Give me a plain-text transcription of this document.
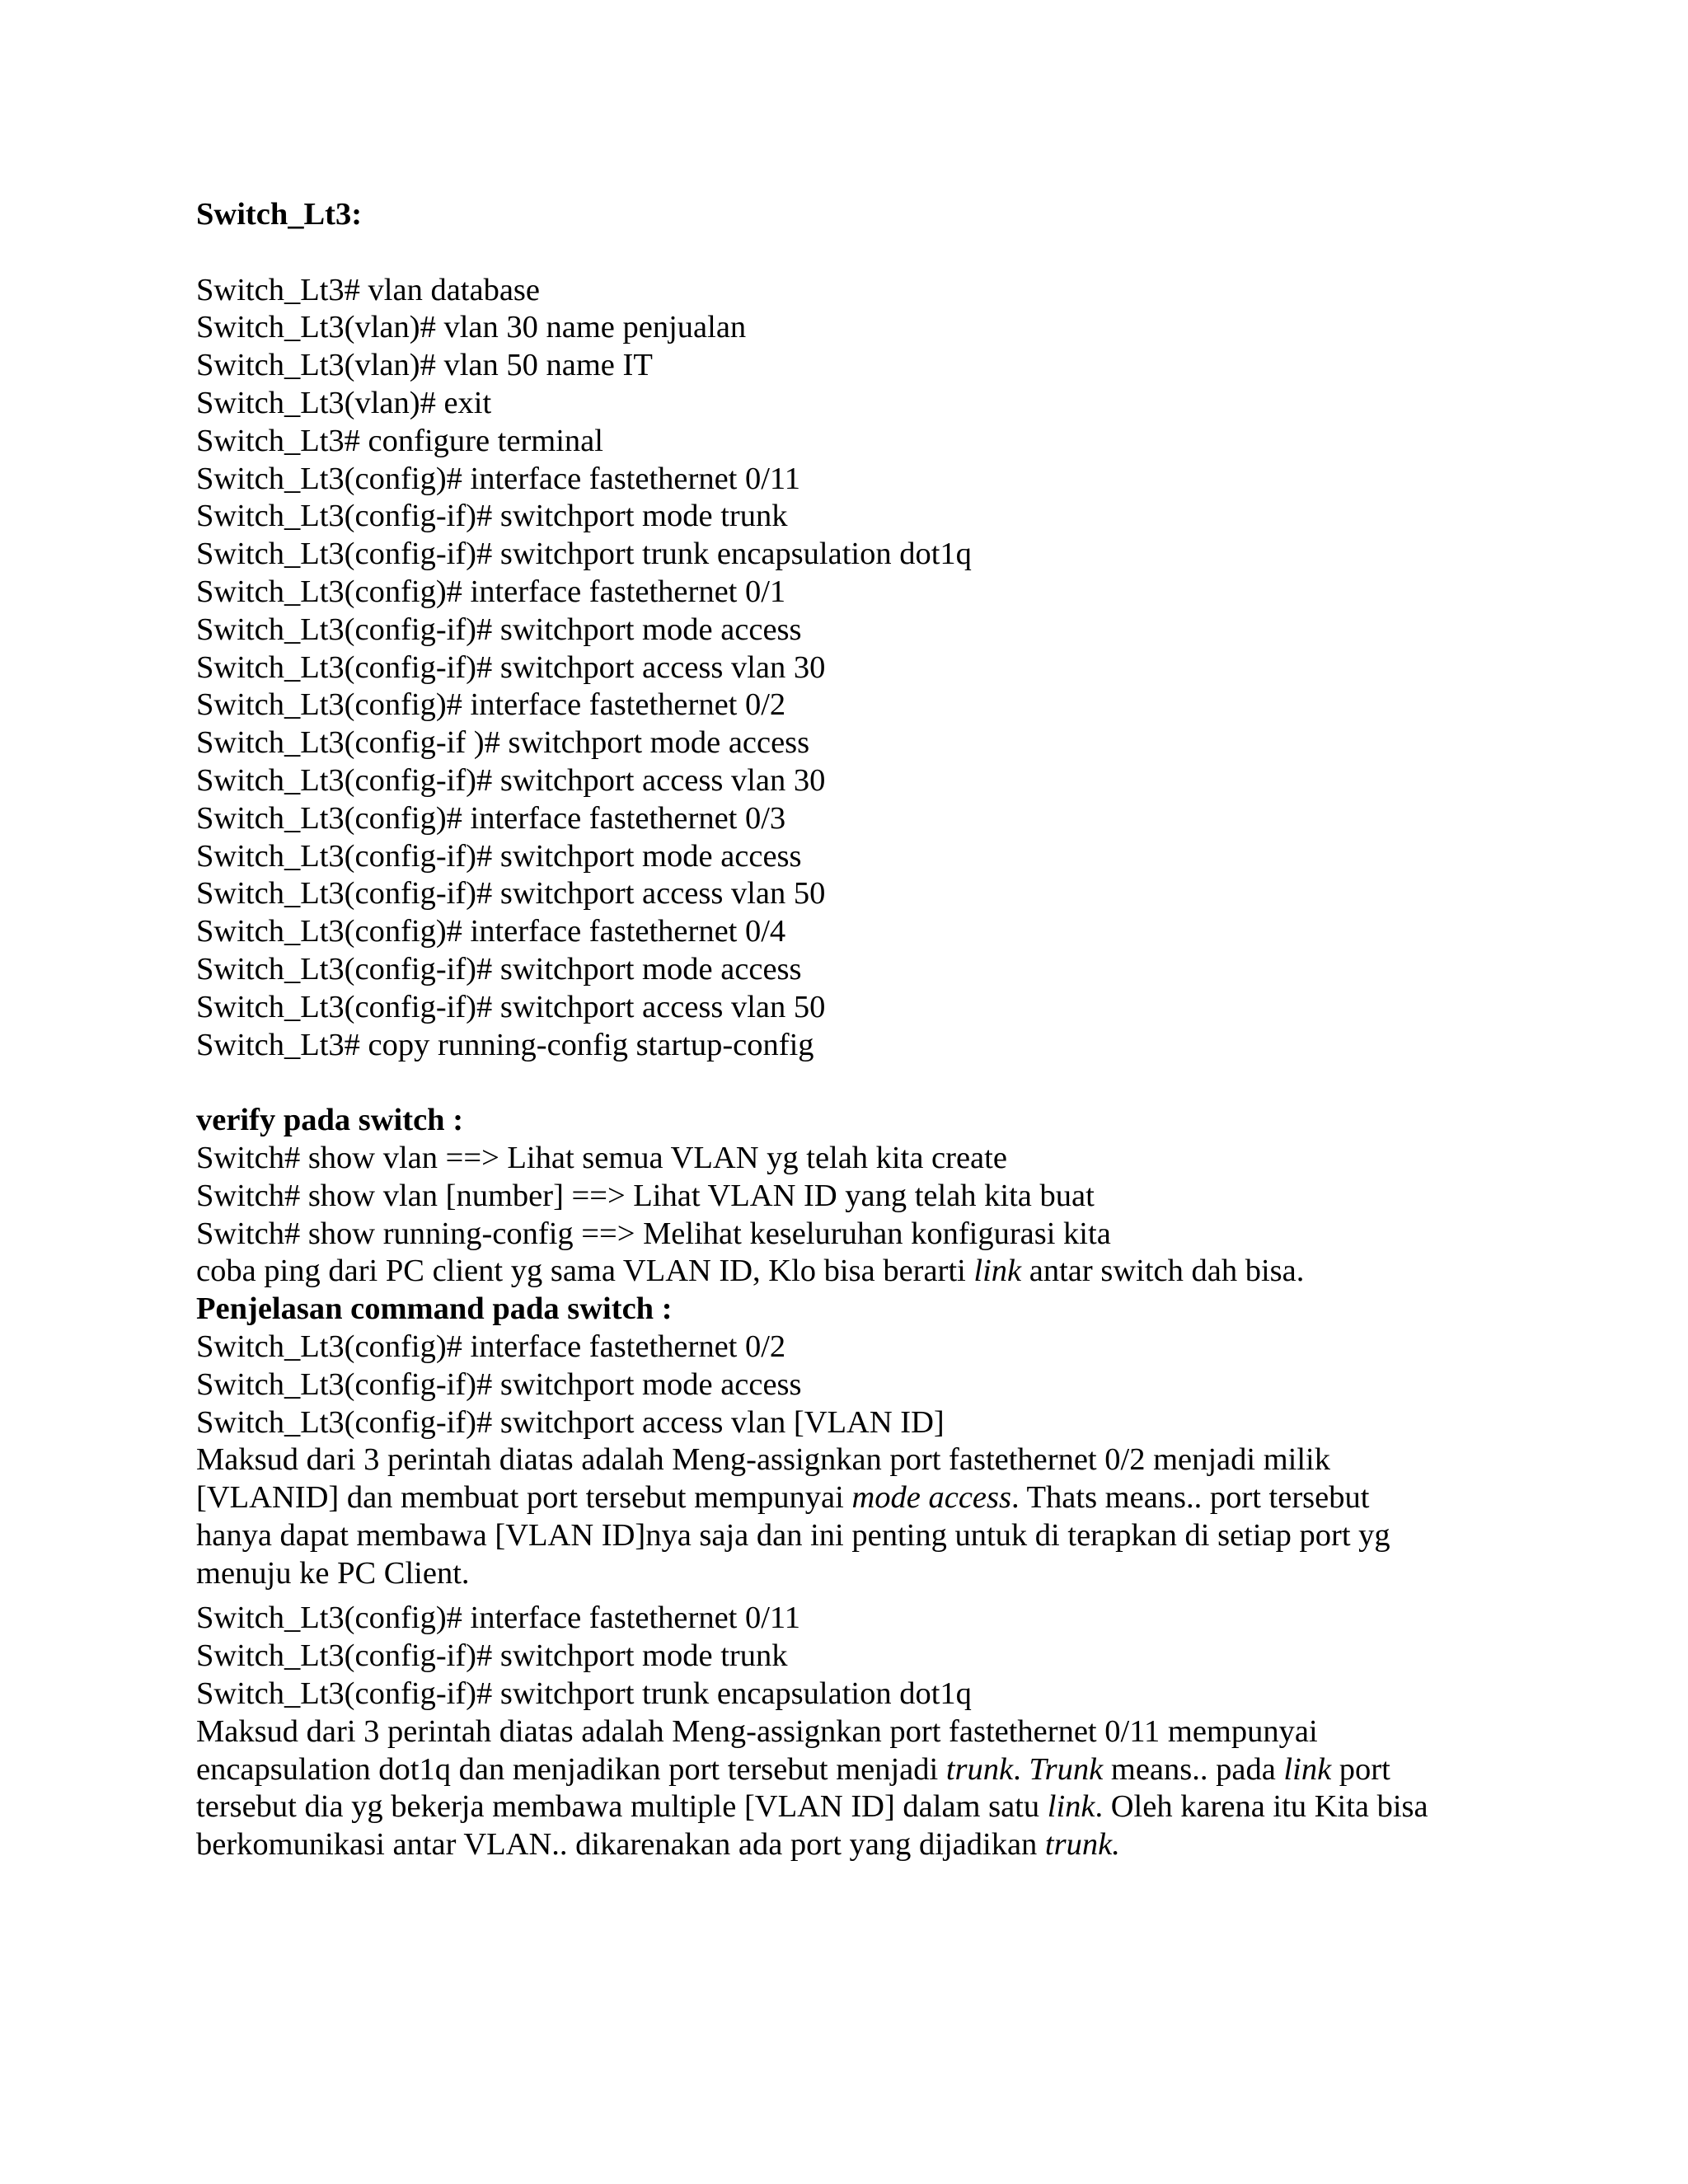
Switch_Lt3:
Switch_Lt3# vlan database
Switch_Lt3(vlan)# vlan 30 name penjualan
Switch_Lt3(vlan)# vlan 50 name IT
Switch_Lt3(vlan)# exit
Switch_Lt3# configure terminal
Switch_Lt3(config)# interface fastethernet 0/11
Switch_Lt3(config-if)# switchport mode trunk
Switch_Lt3(config-if)# switchport trunk encapsulation dot1q
Switch_Lt3(config)# interface fastethernet 0/1
Switch_Lt3(config-if)# switchport mode access
Switch_Lt3(config-if)# switchport access vlan 30
Switch_Lt3(config)# interface fastethernet 0/2
Switch_Lt3(config-if )# switchport mode access
Switch_Lt3(config-if)# switchport access vlan 30
Switch_Lt3(config)# interface fastethernet 0/3
Switch_Lt3(config-if)# switchport mode access
Switch_Lt3(config-if)# switchport access vlan 50
Switch_Lt3(config)# interface fastethernet 0/4
Switch_Lt3(config-if)# switchport mode access
Switch_Lt3(config-if)# switchport access vlan 50
Switch_Lt3# copy running-config startup-config
verify pada switch :
Switch# show vlan ==> Lihat semua VLAN yg telah kita create
Switch# show vlan [number] ==> Lihat VLAN ID yang telah kita buat
Switch# show running-config ==> Melihat keseluruhan konfigurasi kita
coba ping dari PC client yg sama VLAN ID, Klo bisa berarti link antar switch dah bisa.
Penjelasan command pada switch :
Switch_Lt3(config)# interface fastethernet 0/2
Switch_Lt3(config-if)# switchport mode access
Switch_Lt3(config-if)# switchport access vlan [VLAN ID]
Maksud dari 3 perintah diatas adalah Meng-assignkan port fastethernet 0/2 menjadi milik
[VLANID] dan membuat port tersebut mempunyai mode access. Thats means.. port tersebut
hanya dapat membawa [VLAN ID]nya saja dan ini penting untuk di terapkan di setiap port yg
menuju ke PC Client.
Switch_Lt3(config)# interface fastethernet 0/11
Switch_Lt3(config-if)# switchport mode trunk
Switch_Lt3(config-if)# switchport trunk encapsulation dot1q
Maksud dari 3 perintah diatas adalah Meng-assignkan port fastethernet 0/11 mempunyai
encapsulation dot1q dan menjadikan port tersebut menjadi trunk. Trunk means.. pada link port
tersebut dia yg bekerja membawa multiple [VLAN ID] dalam satu link. Oleh karena itu Kita bisa
berkomunikasi antar VLAN.. dikarenakan ada port yang dijadikan trunk.
